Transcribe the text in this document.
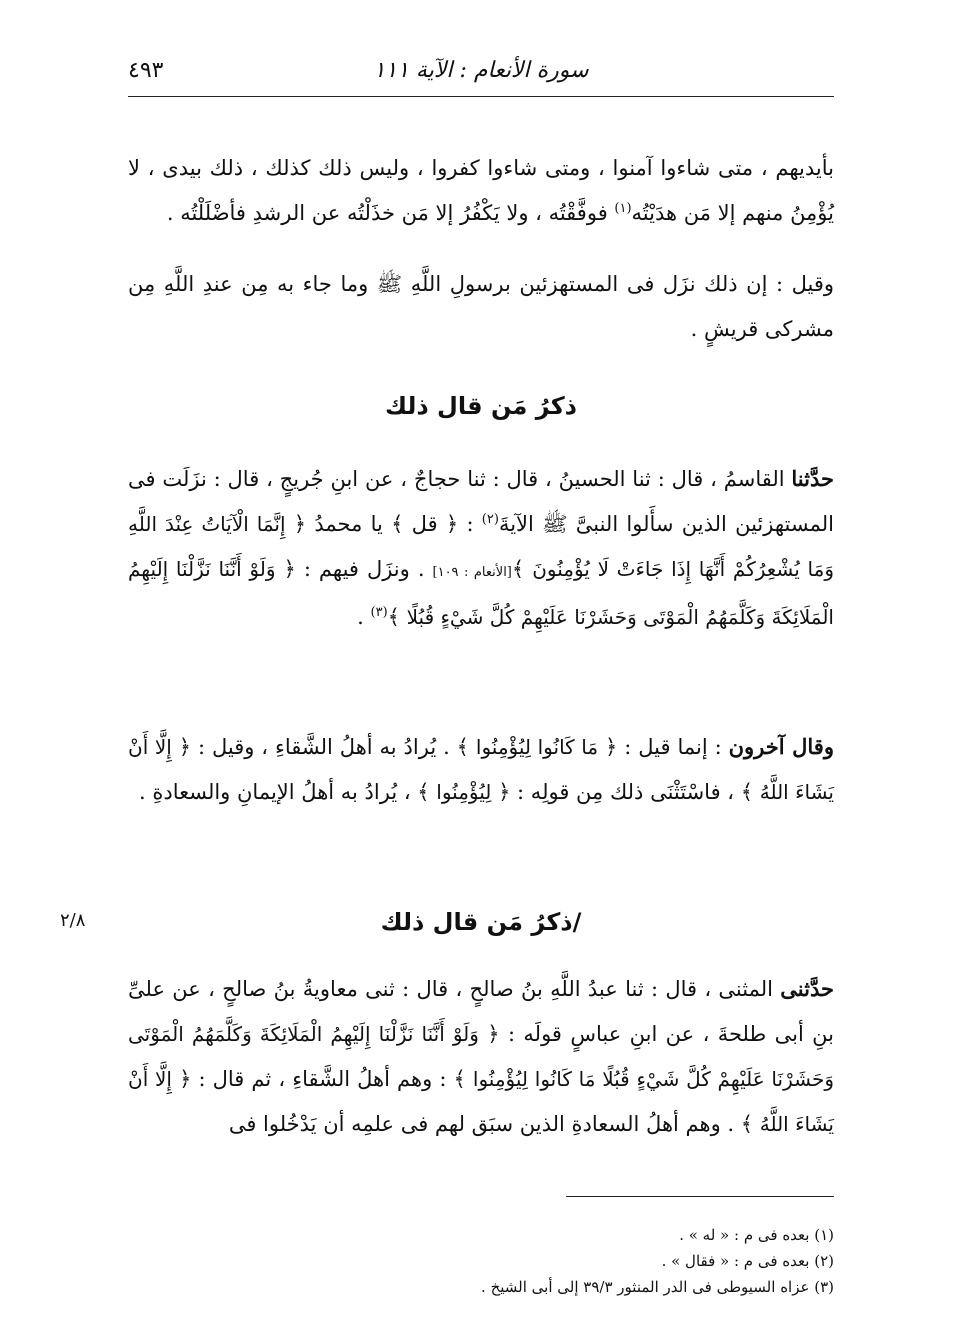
سورة الأنعام : الآية ١١١
٤٩٣
بأيديهم ، متى شاءوا آمنوا ، ومتى شاءوا كفروا ، وليس ذلك كذلك ، ذلك بيدى ، لا يُؤْمِنُ منهم إلا مَن هدَيْتُه$^{(١)}$ فوفَّقْتُه ، ولا يَكْفُرُ إلا مَن خذَلْتُه عن الرشدِ فأضْلَلْتُه .
وقيل : إن ذلك نزَل فى المستهزئين برسولِ اللَّهِ ﷺ وما جاء به مِن عندِ اللَّهِ مِن مشركى قريشٍ .
ذكرُ مَن قال ذلك
حدَّثنا القاسمُ ، قال : ثنا الحسينُ ، قال : ثنا حجاجٌ ، عن ابنِ جُريجٍ ، قال : نزَلَت فى المستهزئين الذين سأَلوا النبىَّ ﷺ الآيةَ$^{(٢)}$ : ﴿ قل ﴾ يا محمدُ ﴿ إِنَّمَا الْآيَاتُ عِنْدَ اللَّهِ وَمَا يُشْعِرُكُمْ أَنَّهَا إِذَا جَاءَتْ لَا يُؤْمِنُونَ ﴾[الأنعام : ١٠٩] . ونزَل فيهم : ﴿ وَلَوْ أَنَّنَا نَزَّلْنَا إِلَيْهِمُ الْمَلَائِكَةَ وَكَلَّمَهُمُ الْمَوْتَى وَحَشَرْنَا عَلَيْهِمْ كُلَّ شَيْءٍ قُبُلًا ﴾$^{(٣)}$ .
وقال آخرون : إنما قيل : ﴿ مَا كَانُوا لِيُؤْمِنُوا ﴾ . يُرادُ به أهلُ الشَّقاءِ ، وقيل : ﴿ إِلَّا أَنْ يَشَاءَ اللَّهُ ﴾ ، فاسْتَثْنَى ذلك مِن قولِه : ﴿ لِيُؤْمِنُوا ﴾ ، يُرادُ به أهلُ الإيمانِ والسعادةِ .
٢/٨	/ذكرُ مَن قال ذلك
حدَّثنى المثنى ، قال : ثنا عبدُ اللَّهِ بنُ صالحٍ ، قال : ثنى معاويةُ بنُ صالحٍ ، عن علىِّ بنِ أبى طلحةَ ، عن ابنِ عباسٍ قولَه : ﴿ وَلَوْ أَنَّنَا نَزَّلْنَا إِلَيْهِمُ الْمَلَائِكَةَ وَكَلَّمَهُمُ الْمَوْتَى وَحَشَرْنَا عَلَيْهِمْ كُلَّ شَيْءٍ قُبُلًا مَا كَانُوا لِيُؤْمِنُوا ﴾ : وهم أهلُ الشَّقاءِ ، ثم قال : ﴿ إِلَّا أَنْ يَشَاءَ اللَّهُ ﴾ . وهم أهلُ السعادةِ الذين سبَق لهم فى علمِه أن يَدْخُلوا فى
(١) بعده فى م : « له » .
(٢) بعده فى م : « فقال » .
(٣) عزاه السيوطى فى الدر المنثور ٣٩/٣ إلى أبى الشيخ .
